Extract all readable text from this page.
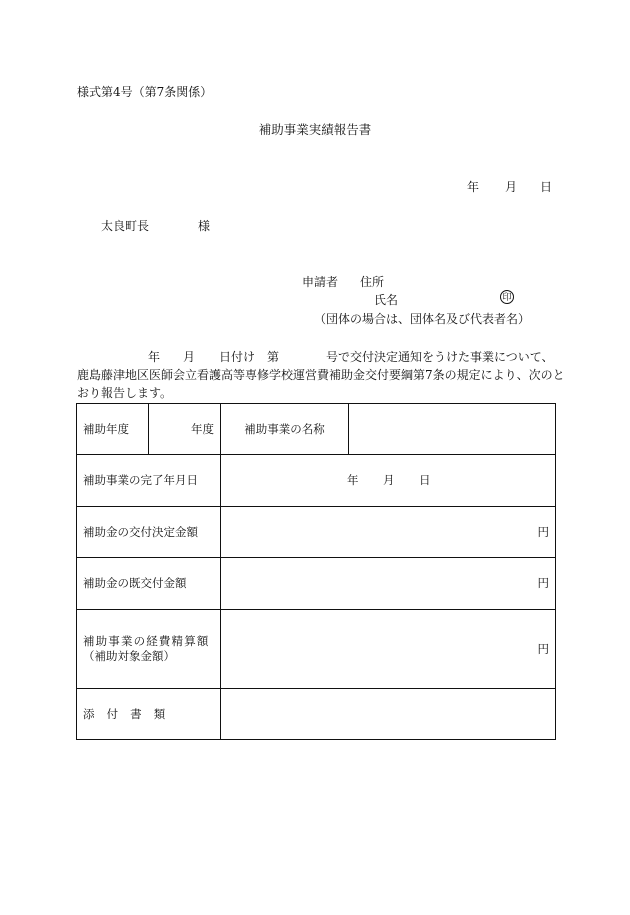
様式第4号（第7条関係）
補助事業実績報告書
年 月 日
太良町長	様
申請者 住所
氏名	印
（団体の場合は、団体名及び代表者名）
年 月 日付け 第	号で交付決定通知をうけた事業について、
鹿島藤津地区医師会立看護高等専修学校運営費補助金交付要綱第7条の規定により、次のと
おり報告します。
補助年度	年度	補助事業の名称	
補助事業の完了年月日		年 月 日	

補助金の交付決定金額		円	
補助金の既交付金額		円	

補助事業の経費精算額
（補助対象金額）		円	
添付書類			
